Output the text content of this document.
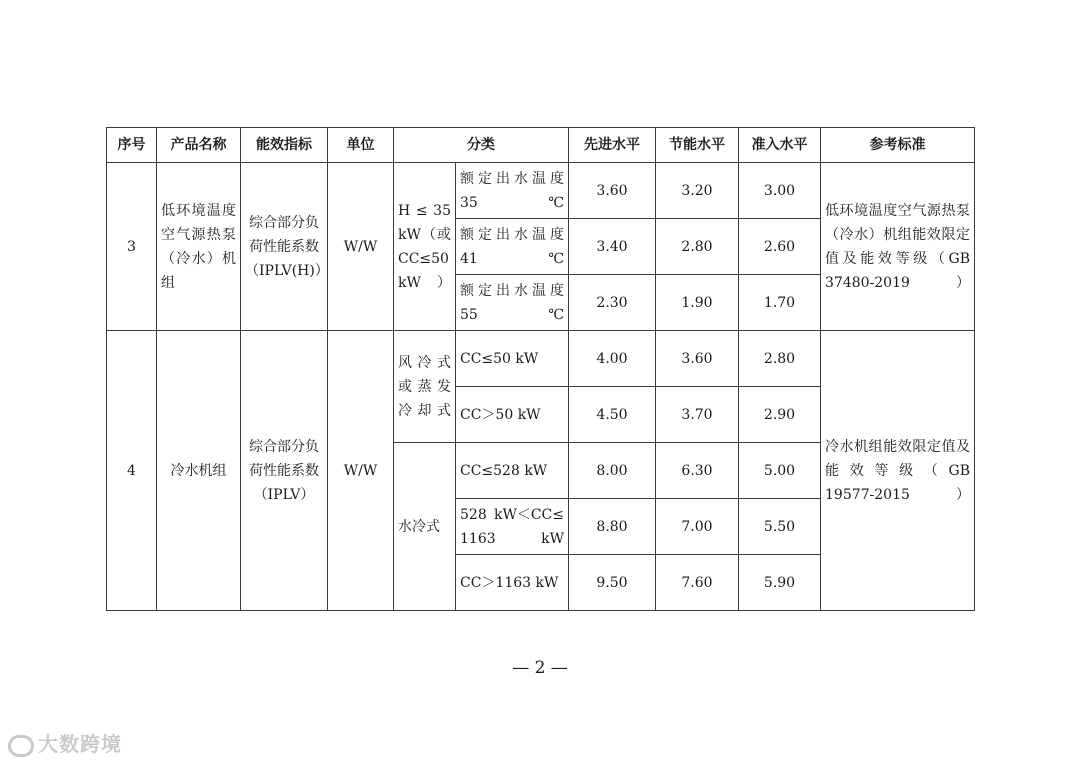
序号	产品名称	能效指标	单位	分类		先进水平	节能水平	准入水平	参考标准
3	低环境温度空气源热泵（冷水）机组	综合部分负荷性能系数（IPLV(H)）	W/W	H ≤ 35 kW（或 CC≤50 kW）	额定出水温度 35 ℃	3.60	3.20	3.00	低环境温度空气源热泵（冷水）机组能效限定值及能效等级（GB 37480-2019 ）
					额定出水温度 41 ℃	3.40	2.80	2.60	
					额定出水温度 55 ℃	2.30	1.90	1.70	
4	冷水机组	综合部分负荷性能系数（IPLV）	W/W	风冷式或蒸发冷却式	CC≤50 kW	4.00	3.60	2.80	冷水机组能效限定值及能效等级（GB 19577-2015）
					CC＞50 kW	4.50	3.70	2.90	
				水冷式	CC≤528 kW	8.00	6.30	5.00	
					528 kW＜CC≤ 1163 kW	8.80	7.00	5.50	
					CC＞1163 kW	9.50	7.60	5.90	
— 2 —
大数跨境
